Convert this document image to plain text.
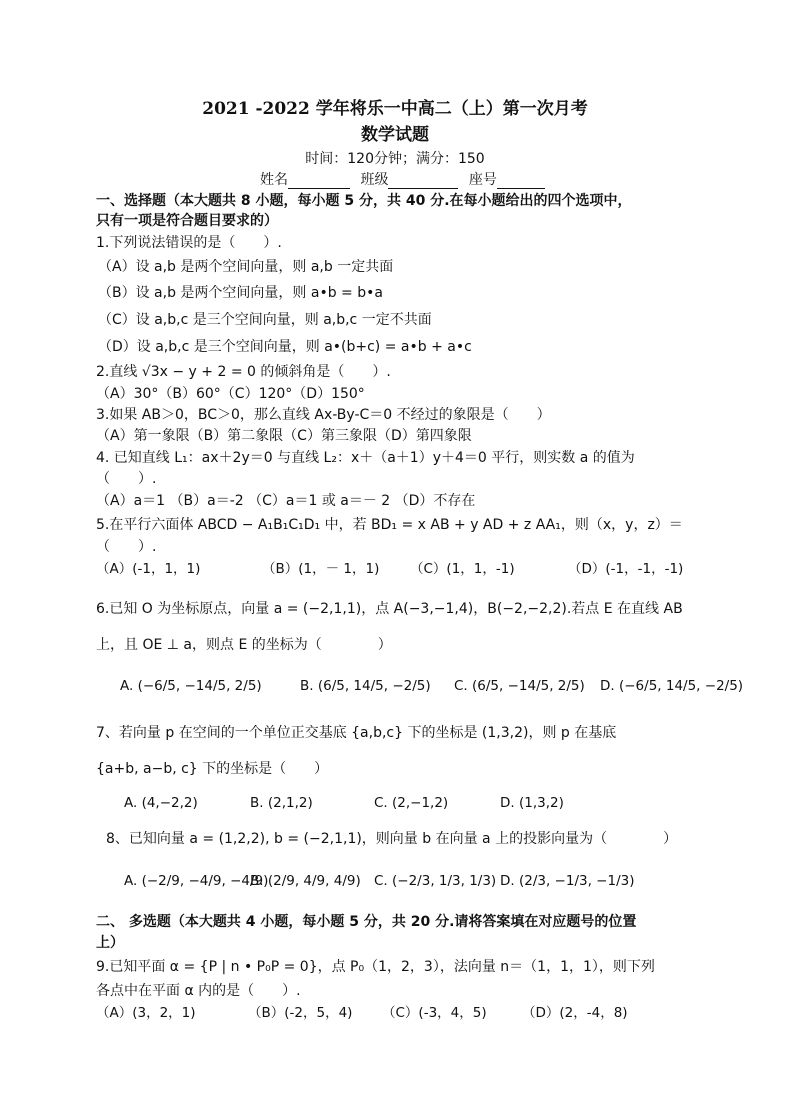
2021 -2022 学年将乐一中高二（上）第一次月考
数学试题
时间：120分钟；满分：150
姓名	班级	座号
一、选择题（本大题共 8 小题，每小题 5 分，共 40 分.在每小题给出的四个选项中，
只有一项是符合题目要求的）
1.下列说法错误的是（　　）.
（A）设 a,b 是两个空间向量，则 a,b 一定共面
（B）设 a,b 是两个空间向量，则 a•b = b•a
（C）设 a,b,c 是三个空间向量，则 a,b,c 一定不共面
（D）设 a,b,c 是三个空间向量，则 a•(b+c) = a•b + a•c
2.直线 √3x − y + 2 = 0 的倾斜角是（　　）.
（A）30°（B）60°（C）120°（D）150°
3.如果 AB＞0，BC＞0，那么直线 Ax-By-C＝0 不经过的象限是（　　）
（A）第一象限（B）第二象限（C）第三象限（D）第四象限
4. 已知直线 L₁：ax＋2y＝0 与直线 L₂：x＋（a＋1）y＋4＝0 平行，则实数 a 的值为
（　　）.
（A）a＝1 （B）a＝-2 （C）a＝1 或 a＝－ 2 （D）不存在
5.在平行六面体 ABCD − A₁B₁C₁D₁ 中，若 BD₁ = x AB + y AD + z AA₁，则（x，y，z）＝
（　　）.
（A）(-1，1，1)	（B）(1，－ 1，1) （C）(1，1，-1)	（D）(-1，-1，-1)
6.已知 O 为坐标原点，向量 a = (−2,1,1)，点 A(−3,−1,4)，B(−2,−2,2).若点 E 在直线 AB
上，且 OE ⊥ a，则点 E 的坐标为（　　　　）
A. (−6/5, −14/5, 2/5)	B. (6/5, 14/5, −2/5) C. (6/5, −14/5, 2/5) D. (−6/5, 14/5, −2/5)
7、若向量 p 在空间的一个单位正交基底 {a,b,c} 下的坐标是 (1,3,2)，则 p 在基底
{a+b, a−b, c} 下的坐标是（　　）
A. (4,−2,2)	B. (2,1,2)	C. (2,−1,2)	D. (1,3,2)
8、已知向量 a = (1,2,2), b = (−2,1,1)，则向量 b 在向量 a 上的投影向量为（　　　　）
A. (−2/9, −4/9, −4/9)
B. (2/9, 4/9, 4/9) C. (−2/3, 1/3, 1/3) D. (2/3, −1/3, −1/3)
二、 多选题（本大题共 4 小题，每小题 5 分，共 20 分.请将答案填在对应题号的位置
上）
9.已知平面 α = {P | n • P₀P = 0}，点 P₀（1，2，3），法向量 n＝（1，1，1），则下列
各点中在平面 α 内的是（　　）.
（A）(3，2，1)	（B）(-2，5，4) （C）(-3，4，5)	（D）(2，-4，8)
